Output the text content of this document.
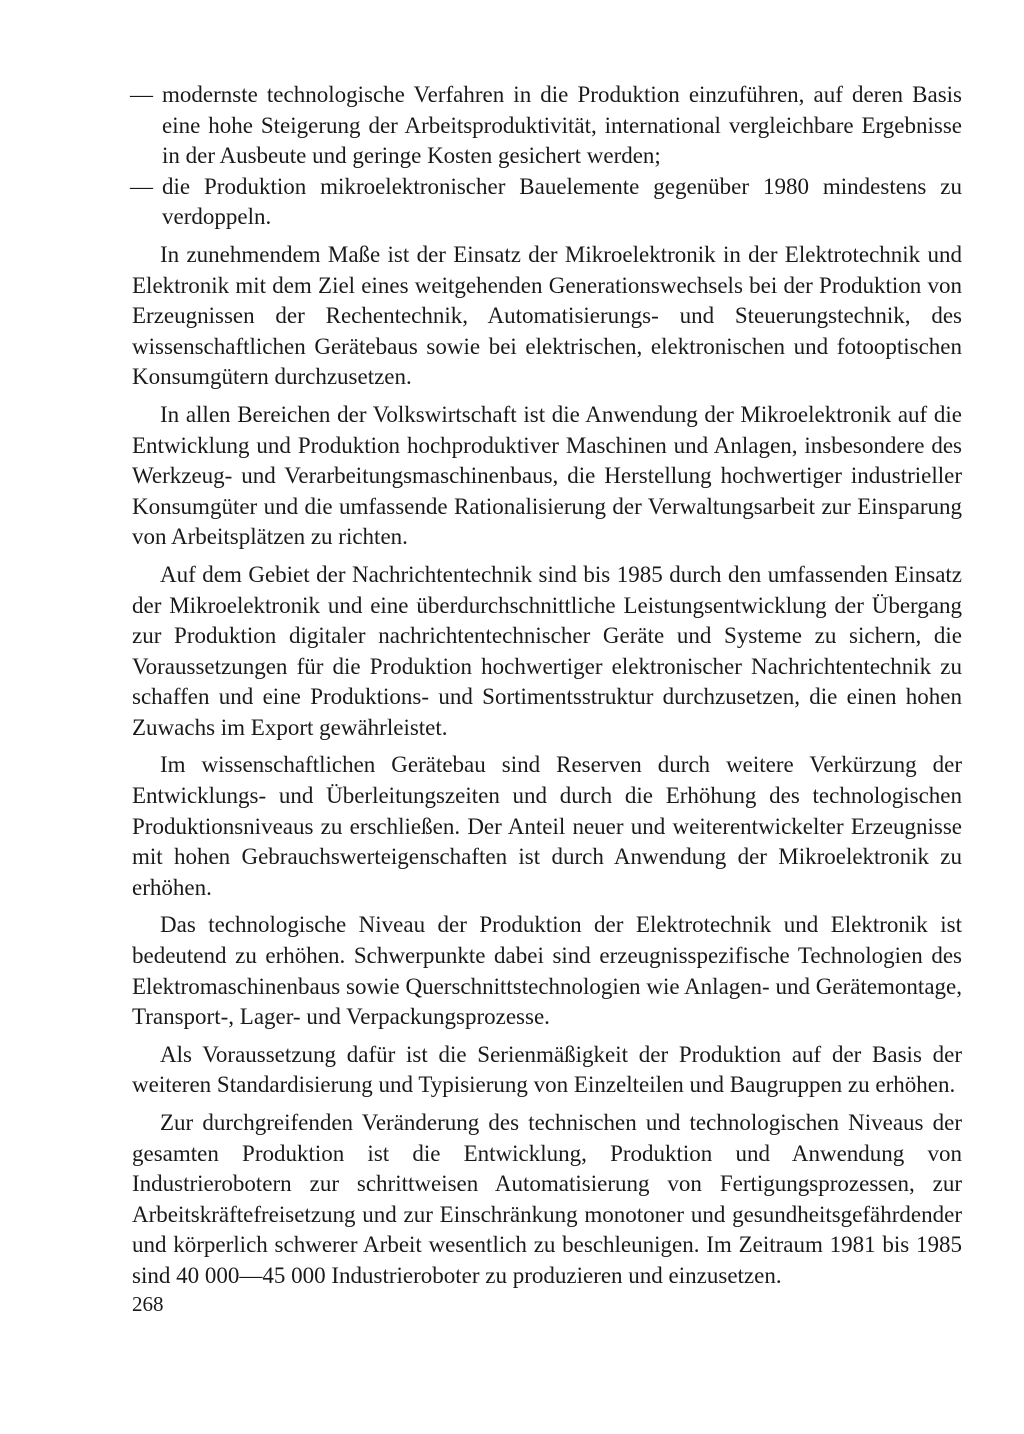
— modernste technologische Verfahren in die Produktion einzuführen, auf deren Basis eine hohe Steigerung der Arbeitsproduktivität, international vergleichbare Ergebnisse in der Ausbeute und geringe Kosten gesichert werden;

— die Produktion mikroelektronischer Bauelemente gegenüber 1980 mindestens zu verdoppeln.

In zunehmendem Maße ist der Einsatz der Mikroelektronik in der Elektrotechnik und Elektronik mit dem Ziel eines weitgehenden Generationswechsels bei der Produktion von Erzeugnissen der Rechentechnik, Automatisierungs- und Steuerungstechnik, des wissenschaftlichen Gerätebaus sowie bei elektrischen, elektronischen und fotooptischen Konsumgütern durchzusetzen.

In allen Bereichen der Volkswirtschaft ist die Anwendung der Mikroelektronik auf die Entwicklung und Produktion hochproduktiver Maschinen und Anlagen, insbesondere des Werkzeug- und Verarbeitungsmaschinenbaus, die Herstellung hochwertiger industrieller Konsumgüter und die umfassende Rationalisierung der Verwaltungsarbeit zur Einsparung von Arbeitsplätzen zu richten.

Auf dem Gebiet der Nachrichtentechnik sind bis 1985 durch den umfassenden Einsatz der Mikroelektronik und eine überdurchschnittliche Leistungsentwicklung der Übergang zur Produktion digitaler nachrichtentechnischer Geräte und Systeme zu sichern, die Voraussetzungen für die Produktion hochwertiger elektronischer Nachrichtentechnik zu schaffen und eine Produktions- und Sortimentsstruktur durchzusetzen, die einen hohen Zuwachs im Export gewährleistet.

Im wissenschaftlichen Gerätebau sind Reserven durch weitere Verkürzung der Entwicklungs- und Überleitungszeiten und durch die Erhöhung des technologischen Produktionsniveaus zu erschließen. Der Anteil neuer und weiterentwickelter Erzeugnisse mit hohen Gebrauchswerteigenschaften ist durch Anwendung der Mikroelektronik zu erhöhen.

Das technologische Niveau der Produktion der Elektrotechnik und Elektronik ist bedeutend zu erhöhen. Schwerpunkte dabei sind erzeugnisspezifische Technologien des Elektromaschinenbaus sowie Querschnittstechnologien wie Anlagen- und Gerätemontage, Transport-, Lager- und Verpackungsprozesse.

Als Voraussetzung dafür ist die Serienmäßigkeit der Produktion auf der Basis der weiteren Standardisierung und Typisierung von Einzelteilen und Baugruppen zu erhöhen.

Zur durchgreifenden Veränderung des technischen und technologischen Niveaus der gesamten Produktion ist die Entwicklung, Produktion und Anwendung von Industrierobotern zur schrittweisen Automatisierung von Fertigungsprozessen, zur Arbeitskräftefreisetzung und zur Einschränkung monotoner und gesundheitsgefährdender und körperlich schwerer Arbeit wesentlich zu beschleunigen. Im Zeitraum 1981 bis 1985 sind 40 000—45 000 Industrieroboter zu produzieren und einzusetzen.

268
